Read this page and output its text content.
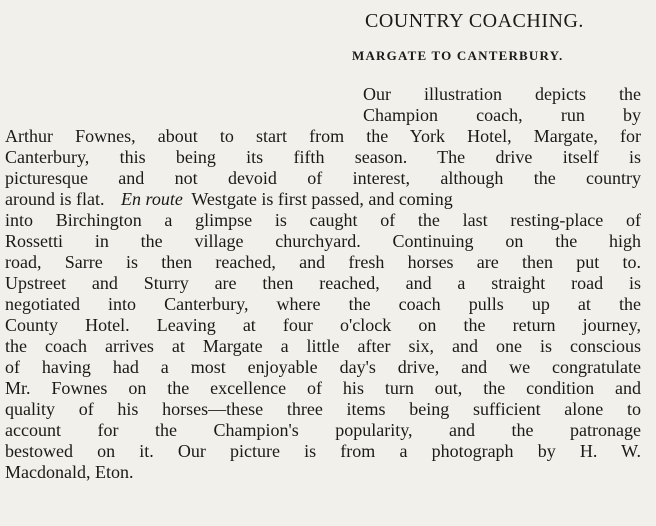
COUNTRY COACHING.
MARGATE TO CANTERBURY.
Our illustration depicts the
Champion coach, run by
Arthur Fownes, about to start from the York Hotel, Margate, for
Canterbury, this being its fifth season. The drive itself is
picturesque and not devoid of interest, although the country
around is flat. En route Westgate is first passed, and coming
into Birchington a glimpse is caught of the last resting-place of
Rossetti in the village churchyard. Continuing on the high
road, Sarre is then reached, and fresh horses are then put to.
Upstreet and Sturry are then reached, and a straight road is
negotiated into Canterbury, where the coach pulls up at the
County Hotel. Leaving at four o'clock on the return journey,
the coach arrives at Margate a little after six, and one is conscious
of having had a most enjoyable day's drive, and we congratulate
Mr. Fownes on the excellence of his turn out, the condition and
quality of his horses—these three items being sufficient alone to
account for the Champion's popularity, and the patronage
bestowed on it. Our picture is from a photograph by H. W.
Macdonald, Eton.
